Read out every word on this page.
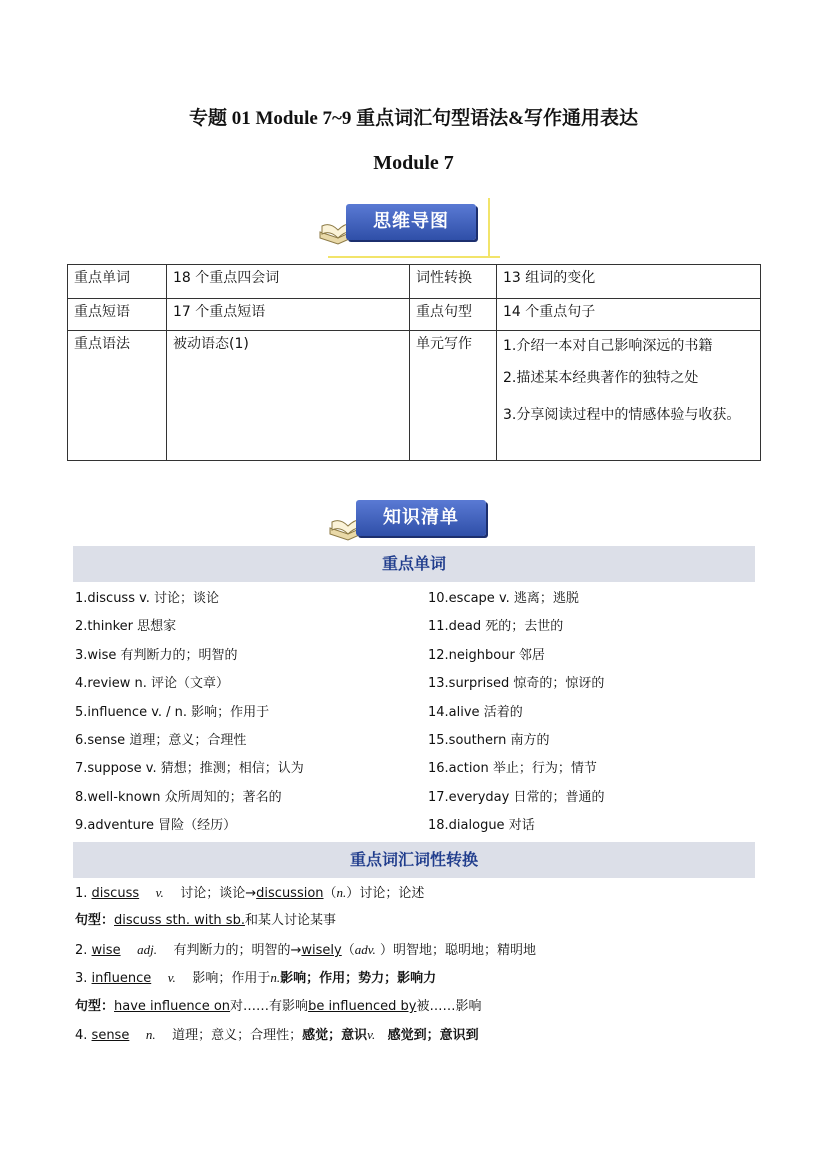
专题 01 Module 7~9 重点词汇句型语法&写作通用表达
Module 7
思维导图
重点单词	18 个重点四会词	词性转换	13 组词的变化
重点短语	17 个重点短语	重点句型	14 个重点句子
重点语法	被动语态(1)	单元写作	1.介绍一本对自己影响深远的书籍
2.描述某本经典著作的独特之处
3.分享阅读过程中的情感体验与收获。
知识清单
重点单词
1.discuss v. 讨论；谈论
2.thinker 思想家
3.wise 有判断力的；明智的
4.review n. 评论（文章）
5.influence v. / n. 影响；作用于
6.sense 道理；意义；合理性
7.suppose v. 猜想；推测；相信；认为
8.well-known 众所周知的；著名的
9.adventure 冒险（经历）
10.escape v. 逃离；逃脱
11.dead 死的；去世的
12.neighbour 邻居
13.surprised 惊奇的；惊讶的
14.alive 活着的
15.southern 南方的
16.action 举止；行为；情节
17.everyday 日常的；普通的
18.dialogue 对话
重点词汇词性转换
1. discuss v. 讨论；谈论→discussion（n.）讨论；论述
句型：discuss sth. with sb.和某人讨论某事
2. wise adj. 有判断力的；明智的→wisely（adv. ）明智地；聪明地；精明地
3. influence v. 影响；作用于n.影响；作用；势力；影响力
句型：have influence on对……有影响be influenced by被……影响
4. sense n. 道理；意义；合理性；感觉；意识v. 感觉到；意识到
